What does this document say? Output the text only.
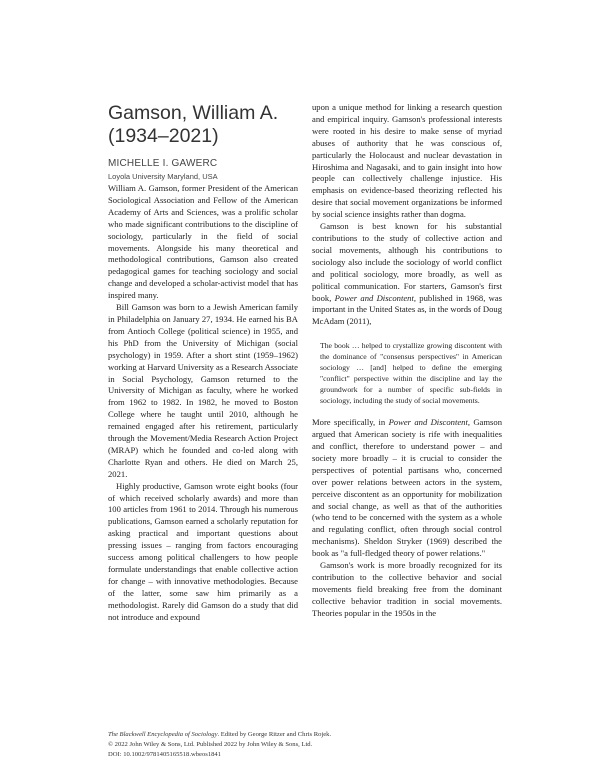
Gamson, William A.
(1934–2021)
MICHELLE I. GAWERC
Loyola University Maryland, USA

William A. Gamson, former President of the American Sociological Association and Fellow of the American Academy of Arts and Sciences, was a prolific scholar who made significant contributions to the discipline of sociology, particularly in the field of social movements. Alongside his many theoretical and methodological contributions, Gamson also created pedagogical games for teaching sociology and social change and developed a scholar-activist model that has inspired many.

Bill Gamson was born to a Jewish American family in Philadelphia on January 27, 1934. He earned his BA from Antioch College (political science) in 1955, and his PhD from the University of Michigan (social psychology) in 1959. After a short stint (1959–1962) working at Harvard University as a Research Associate in Social Psychology, Gamson returned to the University of Michigan as faculty, where he worked from 1962 to 1982. In 1982, he moved to Boston College where he taught until 2010, although he remained engaged after his retirement, particularly through the Movement/Media Research Action Project (MRAP) which he founded and co-led along with Charlotte Ryan and others. He died on March 25, 2021.

Highly productive, Gamson wrote eight books (four of which received scholarly awards) and more than 100 articles from 1961 to 2014. Through his numerous publications, Gamson earned a scholarly reputation for asking practical and important questions about pressing issues – ranging from factors encouraging success among political challengers to how people formulate understandings that enable collective action for change – with innovative methodologies. Because of the latter, some saw him primarily as a methodologist. Rarely did Gamson do a study that did not introduce and expound

upon a unique method for linking a research question and empirical inquiry. Gamson's professional interests were rooted in his desire to make sense of myriad abuses of authority that he was conscious of, particularly the Holocaust and nuclear devastation in Hiroshima and Nagasaki, and to gain insight into how people can collectively challenge injustice. His emphasis on evidence-based theorizing reflected his desire that social movement organizations be informed by social science insights rather than dogma.

Gamson is best known for his substantial contributions to the study of collective action and social movements, although his contributions to sociology also include the sociology of world conflict and political sociology, more broadly, as well as political communication. For starters, Gamson's first book, Power and Discontent, published in 1968, was important in the United States as, in the words of Doug McAdam (2011),

The book … helped to crystallize growing discontent with the dominance of "consensus perspectives" in American sociology … [and] helped to define the emerging "conflict" perspective within the discipline and lay the groundwork for a number of specific sub-fields in sociology, including the study of social movements.

More specifically, in Power and Discontent, Gamson argued that American society is rife with inequalities and conflict, therefore to understand power – and society more broadly – it is crucial to consider the perspectives of potential partisans who, concerned over power relations between actors in the system, perceive discontent as an opportunity for mobilization and social change, as well as that of the authorities (who tend to be concerned with the system as a whole and regulating conflict, often through social control mechanisms). Sheldon Stryker (1969) described the book as "a full-fledged theory of power relations."

Gamson's work is more broadly recognized for its contribution to the collective behavior and social movements field breaking free from the dominant collective behavior tradition in social movements. Theories popular in the 1950s in the

The Blackwell Encyclopedia of Sociology. Edited by George Ritzer and Chris Rojek.
© 2022 John Wiley & Sons, Ltd. Published 2022 by John Wiley & Sons, Ltd.
DOI: 10.1002/9781405165518.wbeos1841
